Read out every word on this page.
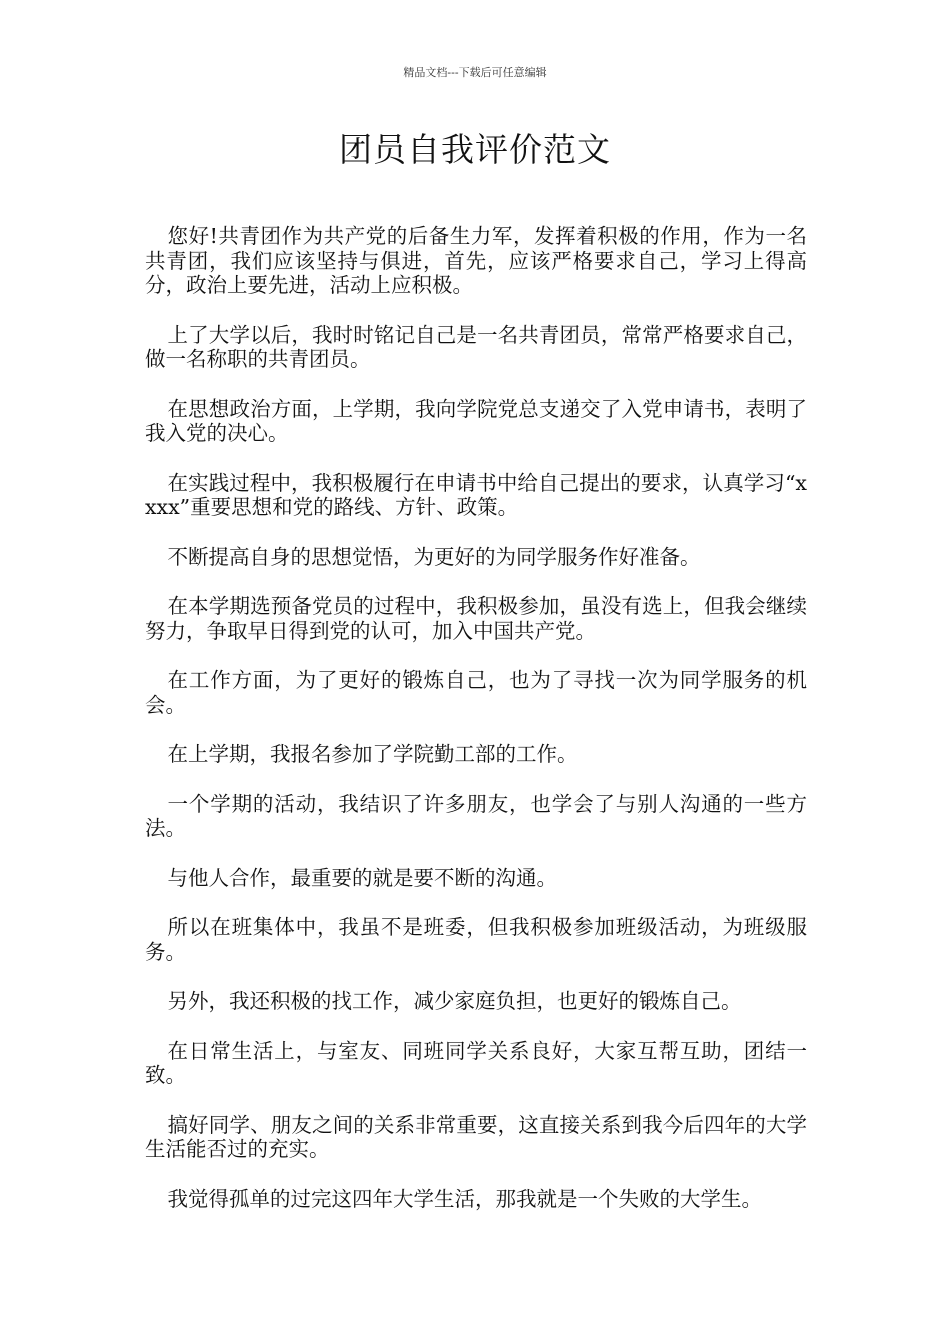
精品文档---下载后可任意编辑
团员自我评价范文

您好!共青团作为共产党的后备生力军，发挥着积极的作用，作为一名共青团，我们应该坚持与俱进，首先，应该严格要求自己，学习上得高分，政治上要先进，活动上应积极。

上了大学以后，我时时铭记自己是一名共青团员，常常严格要求自己，做一名称职的共青团员。

在思想政治方面，上学期，我向学院党总支递交了入党申请书，表明了我入党的决心。

在实践过程中，我积极履行在申请书中给自己提出的要求，认真学习“xxxx”重要思想和党的路线、方针、政策。

不断提高自身的思想觉悟，为更好的为同学服务作好准备。

在本学期选预备党员的过程中，我积极参加，虽没有选上，但我会继续努力，争取早日得到党的认可，加入中国共产党。

在工作方面，为了更好的锻炼自己，也为了寻找一次为同学服务的机会。

在上学期，我报名参加了学院勤工部的工作。

一个学期的活动，我结识了许多朋友，也学会了与别人沟通的一些方法。

与他人合作，最重要的就是要不断的沟通。

所以在班集体中，我虽不是班委，但我积极参加班级活动，为班级服务。

另外，我还积极的找工作，减少家庭负担，也更好的锻炼自己。

在日常生活上，与室友、同班同学关系良好，大家互帮互助，团结一致。

搞好同学、朋友之间的关系非常重要，这直接关系到我今后四年的大学生活能否过的充实。

我觉得孤单的过完这四年大学生活，那我就是一个失败的大学生。
